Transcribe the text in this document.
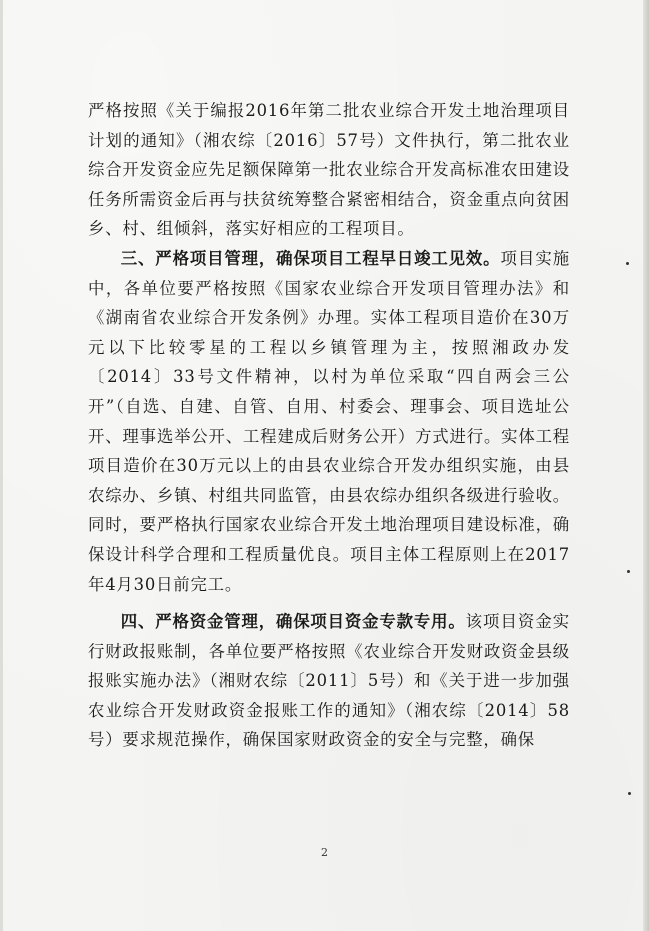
严格按照《关于编报2016年第二批农业综合开发土地治理项目计划的通知》（湘农综〔2016〕57号）文件执行，第二批农业综合开发资金应先足额保障第一批农业综合开发高标准农田建设任务所需资金后再与扶贫统筹整合紧密相结合，资金重点向贫困乡、村、组倾斜，落实好相应的工程项目。

三、严格项目管理，确保项目工程早日竣工见效。项目实施中，各单位要严格按照《国家农业综合开发项目管理办法》和《湖南省农业综合开发条例》办理。实体工程项目造价在30万元以下比较零星的工程以乡镇管理为主，按照湘政办发〔2014〕33号文件精神，以村为单位采取“四自两会三公开”（自选、自建、自管、自用、村委会、理事会、项目选址公开、理事选举公开、工程建成后财务公开）方式进行。实体工程项目造价在30万元以上的由县农业综合开发办组织实施，由县农综办、乡镇、村组共同监管，由县农综办组织各级进行验收。同时，要严格执行国家农业综合开发土地治理项目建设标准，确保设计科学合理和工程质量优良。项目主体工程原则上在2017年4月30日前完工。

四、严格资金管理，确保项目资金专款专用。该项目资金实行财政报账制，各单位要严格按照《农业综合开发财政资金县级报账实施办法》（湘财农综〔2011〕5号）和《关于进一步加强农业综合开发财政资金报账工作的通知》（湘农综〔2014〕58号）要求规范操作，确保国家财政资金的安全与完整，确保

2
